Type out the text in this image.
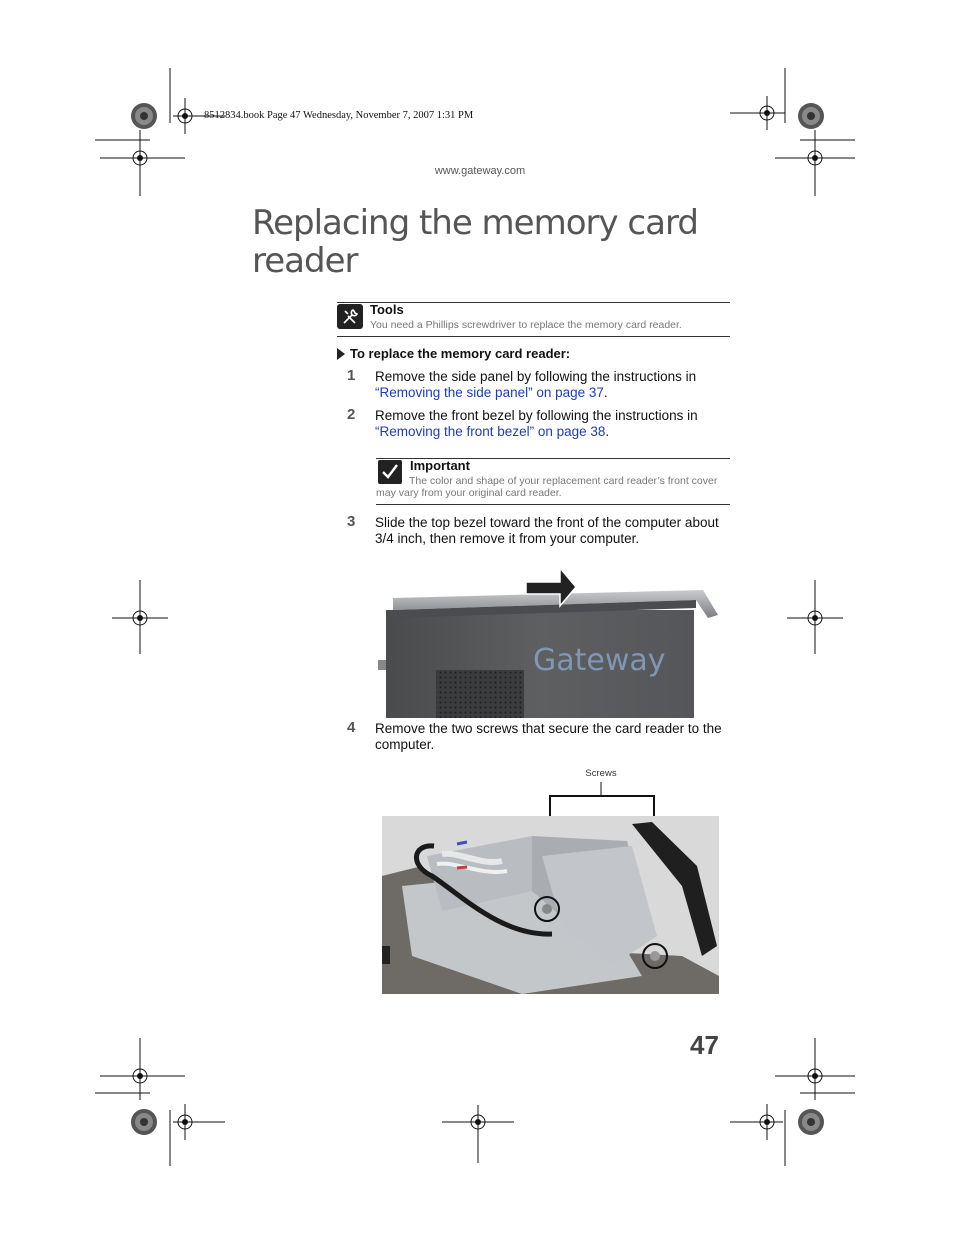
8512834.book Page 47 Wednesday, November 7, 2007 1:31 PM
www.gateway.com
Replacing the memory card reader
Tools
You need a Phillips screwdriver to replace the memory card reader.
To replace the memory card reader:
1	Remove the side panel by following the instructions in “Removing the side panel” on page 37.
2	Remove the front bezel by following the instructions in “Removing the front bezel” on page 38.
Important
The color and shape of your replacement card reader’s front cover may vary from your original card reader.
3	Slide the top bezel toward the front of the computer about 3/4 inch, then remove it from your computer.
Gateway
4	Remove the two screws that secure the card reader to the computer.
Screws
47
